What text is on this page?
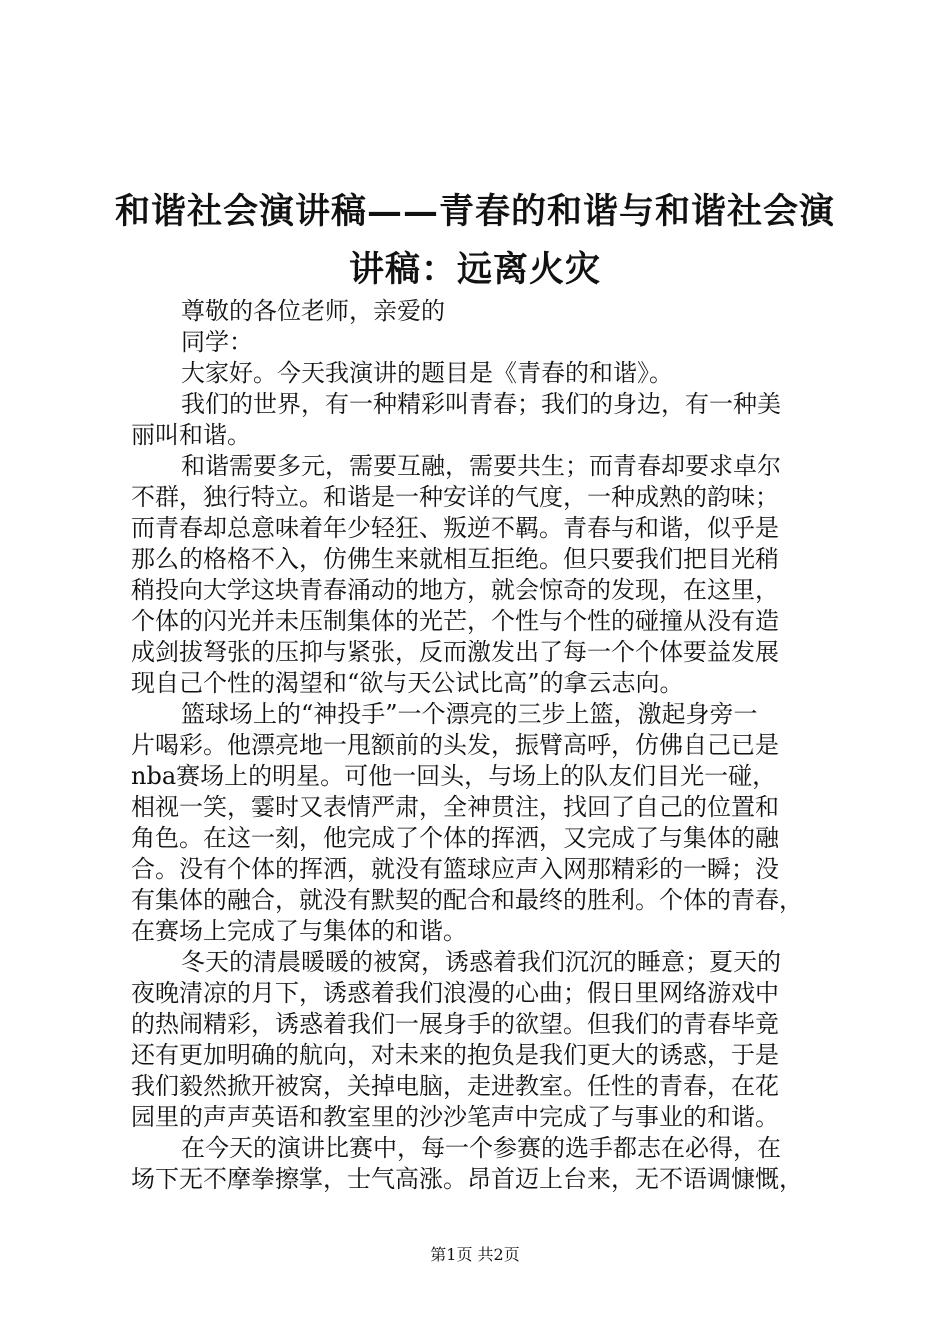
和谐社会演讲稿——青春的和谐与和谐社会演
讲稿：远离火灾
尊敬的各位老师，亲爱的
同学：
大家好。今天我演讲的题目是《青春的和谐》。
我们的世界，有一种精彩叫青春；我们的身边，有一种美
丽叫和谐。
和谐需要多元，需要互融，需要共生；而青春却要求卓尔
不群，独行特立。和谐是一种安详的气度，一种成熟的韵味；
而青春却总意味着年少轻狂、叛逆不羁。青春与和谐，似乎是
那么的格格不入，仿佛生来就相互拒绝。但只要我们把目光稍
稍投向大学这块青春涌动的地方，就会惊奇的发现，在这里，
个体的闪光并未压制集体的光芒，个性与个性的碰撞从没有造
成剑拔弩张的压抑与紧张，反而激发出了每一个个体要益发展
现自己个性的渴望和“欲与天公试比高”的拿云志向。
篮球场上的“神投手”一个漂亮的三步上篮，激起身旁一
片喝彩。他漂亮地一甩额前的头发，振臂高呼，仿佛自己已是
nba赛场上的明星。可他一回头，与场上的队友们目光一碰，
相视一笑，霎时又表情严肃，全神贯注，找回了自己的位置和
角色。在这一刻，他完成了个体的挥洒，又完成了与集体的融
合。没有个体的挥洒，就没有篮球应声入网那精彩的一瞬；没
有集体的融合，就没有默契的配合和最终的胜利。个体的青春，
在赛场上完成了与集体的和谐。
冬天的清晨暖暖的被窝，诱惑着我们沉沉的睡意；夏天的
夜晚清凉的月下，诱惑着我们浪漫的心曲；假日里网络游戏中
的热闹精彩，诱惑着我们一展身手的欲望。但我们的青春毕竟
还有更加明确的航向，对未来的抱负是我们更大的诱惑，于是
我们毅然掀开被窝，关掉电脑，走进教室。任性的青春，在花
园里的声声英语和教室里的沙沙笔声中完成了与事业的和谐。
在今天的演讲比赛中，每一个参赛的选手都志在必得，在
场下无不摩拳擦掌，士气高涨。昂首迈上台来，无不语调慷慨，
第1页 共2页
